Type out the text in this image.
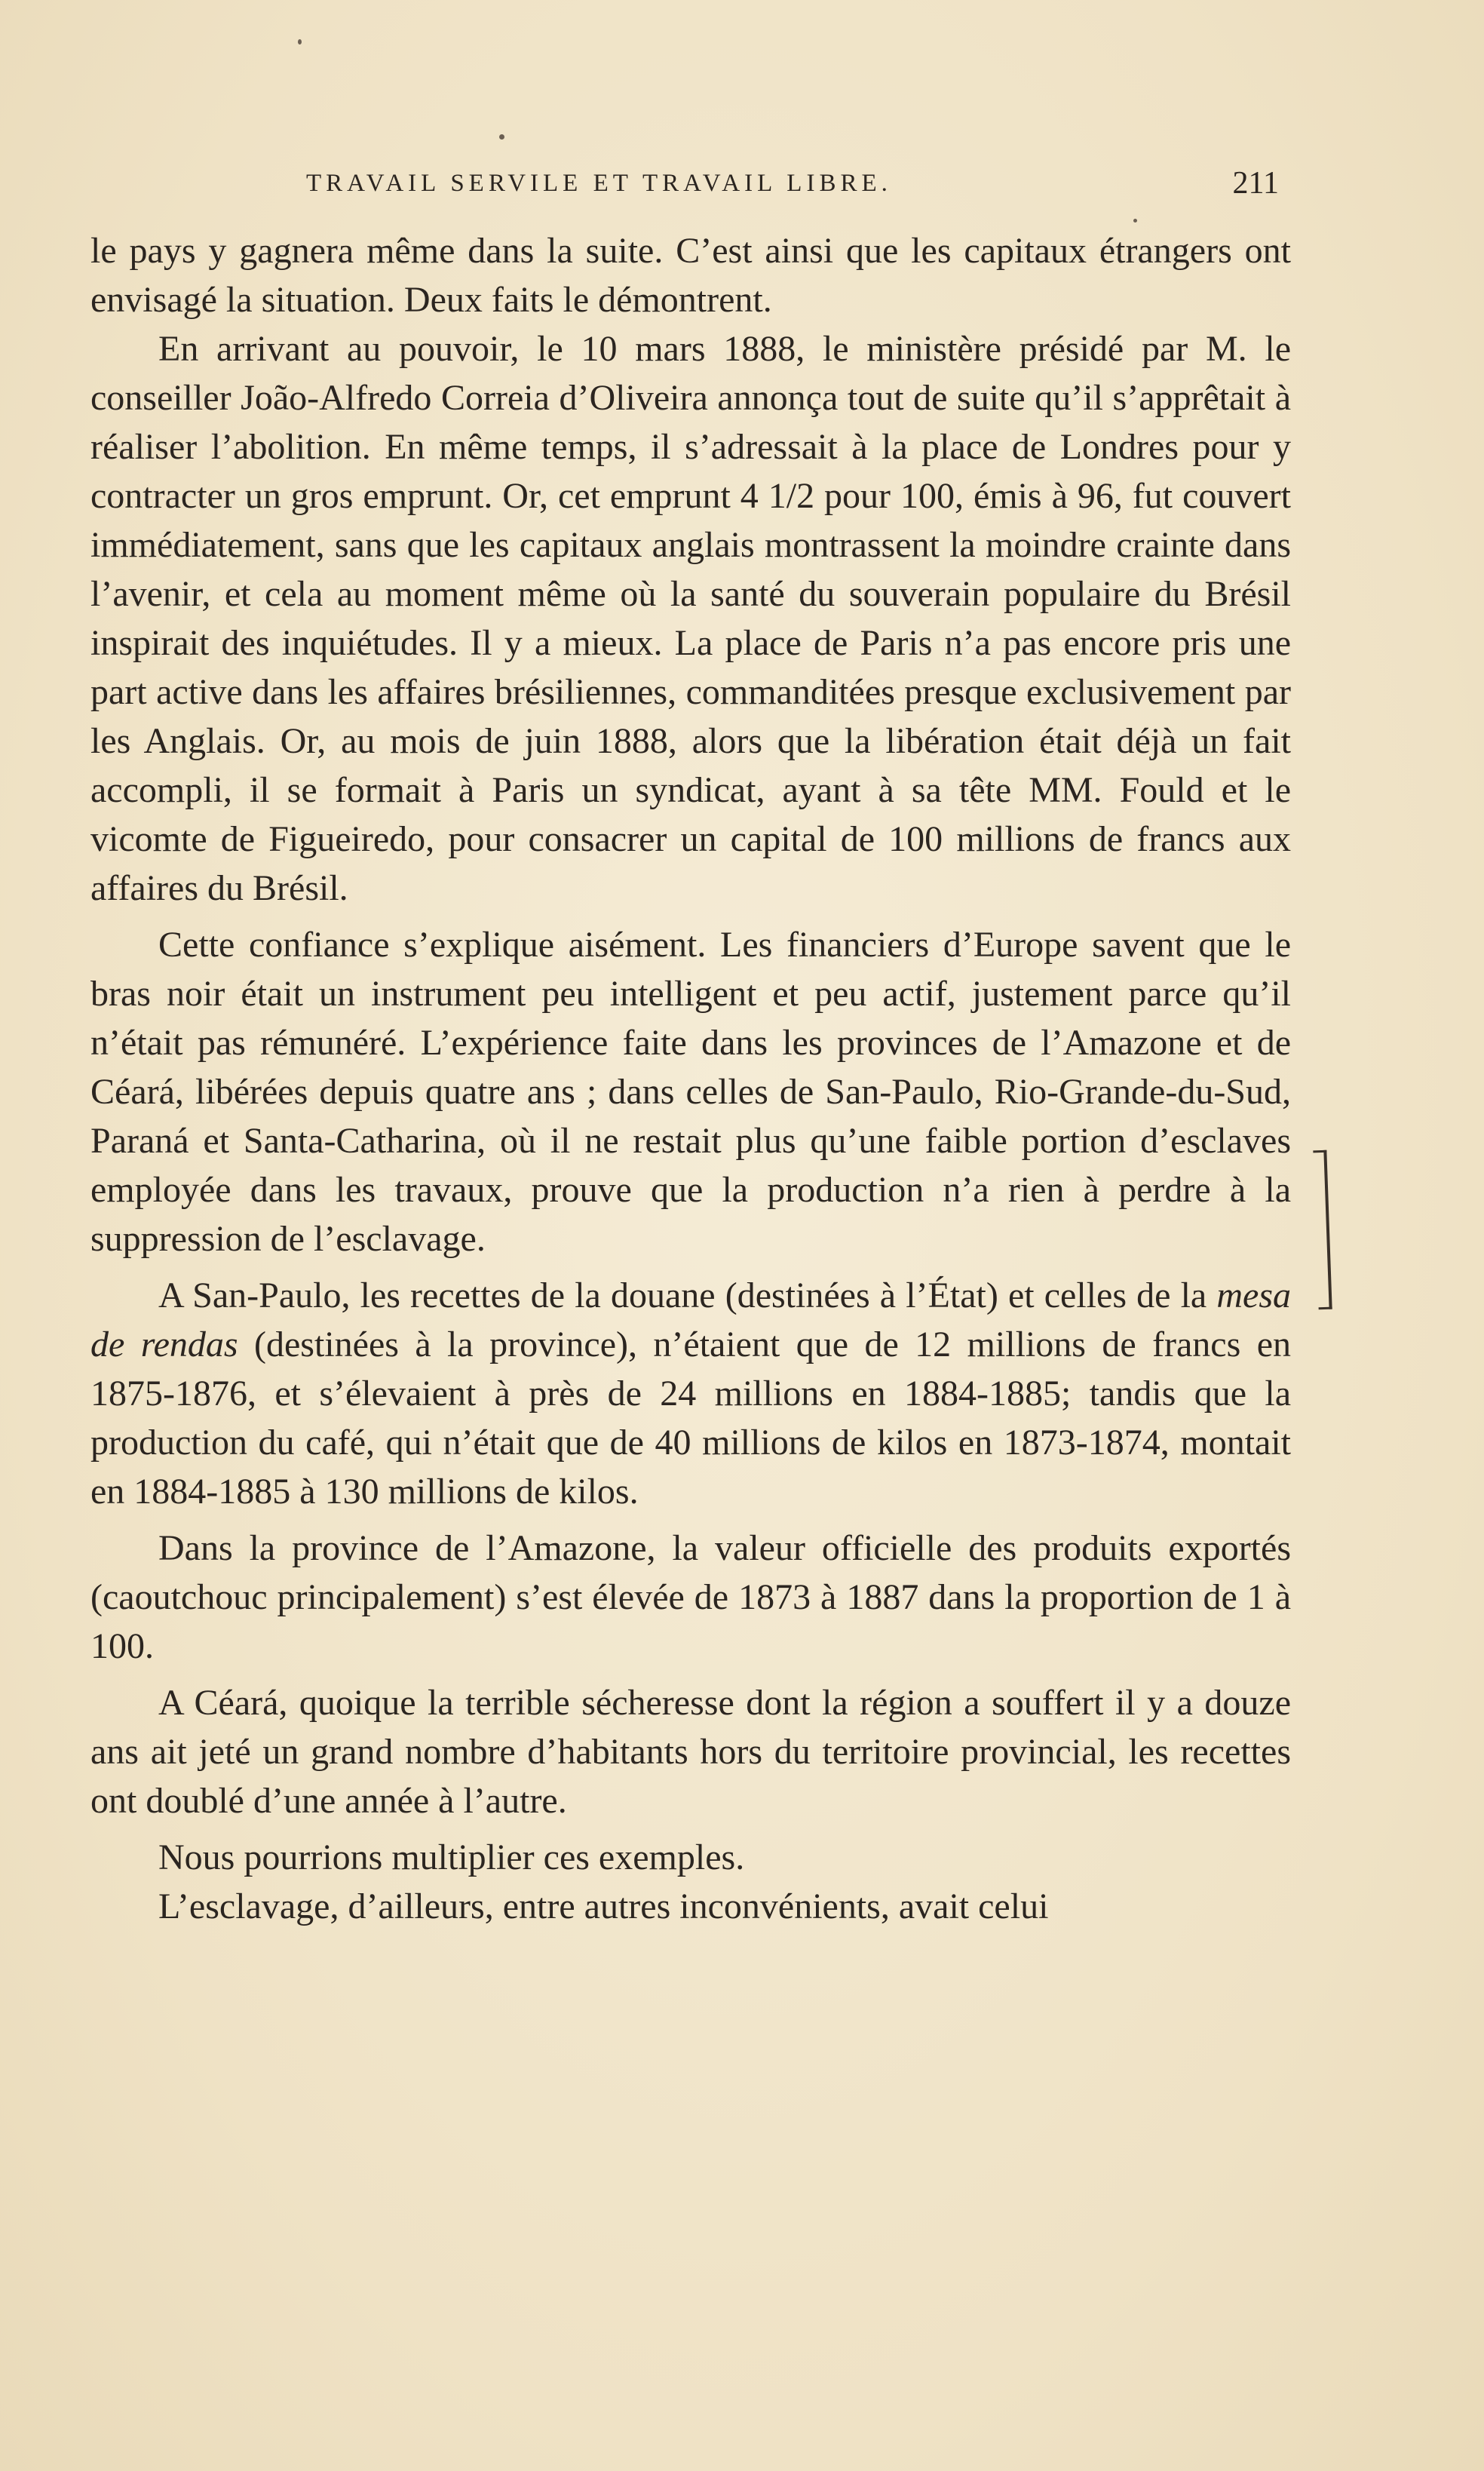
TRAVAIL SERVILE ET TRAVAIL LIBRE.	211

le pays y gagnera même dans la suite. C’est ainsi que les capitaux étrangers ont envisagé la situation. Deux faits le démontrent.

En arrivant au pouvoir, le 10 mars 1888, le ministère présidé par M. le conseiller João-Alfredo Correia d’Oliveira annonça tout de suite qu’il s’apprêtait à réaliser l’abolition. En même temps, il s’adressait à la place de Londres pour y contracter un gros emprunt. Or, cet emprunt 4 1/2 pour 100, émis à 96, fut couvert immédiatement, sans que les capitaux anglais montrassent la moindre crainte dans l’avenir, et cela au moment même où la santé du souverain populaire du Brésil inspirait des inquiétudes. Il y a mieux. La place de Paris n’a pas encore pris une part active dans les affaires brésiliennes, commanditées presque exclusivement par les Anglais. Or, au mois de juin 1888, alors que la libération était déjà un fait accompli, il se formait à Paris un syndicat, ayant à sa tête MM. Fould et le vicomte de Figueiredo, pour consacrer un capital de 100 millions de francs aux affaires du Brésil.

Cette confiance s’explique aisément. Les financiers d’Europe savent que le bras noir était un instrument peu intelligent et peu actif, justement parce qu’il n’était pas rémunéré. L’expérience faite dans les provinces de l’Amazone et de Céará, libérées depuis quatre ans ; dans celles de San-Paulo, Rio-Grande-du-Sud, Paraná et Santa-Catharina, où il ne restait plus qu’une faible portion d’esclaves employée dans les travaux, prouve que la production n’a rien à perdre à la suppression de l’esclavage.

A San-Paulo, les recettes de la douane (destinées à l’État) et celles de la mesa de rendas (destinées à la province), n’étaient que de 12 millions de francs en 1875-1876, et s’élevaient à près de 24 millions en 1884-1885; tandis que la production du café, qui n’était que de 40 millions de kilos en 1873-1874, montait en 1884-1885 à 130 millions de kilos.

Dans la province de l’Amazone, la valeur officielle des produits exportés (caoutchouc principalement) s’est élevée de 1873 à 1887 dans la proportion de 1 à 100.

A Céará, quoique la terrible sécheresse dont la région a souffert il y a douze ans ait jeté un grand nombre d’habitants hors du territoire provincial, les recettes ont doublé d’une année à l’autre.

Nous pourrions multiplier ces exemples.

L’esclavage, d’ailleurs, entre autres inconvénients, avait celui
